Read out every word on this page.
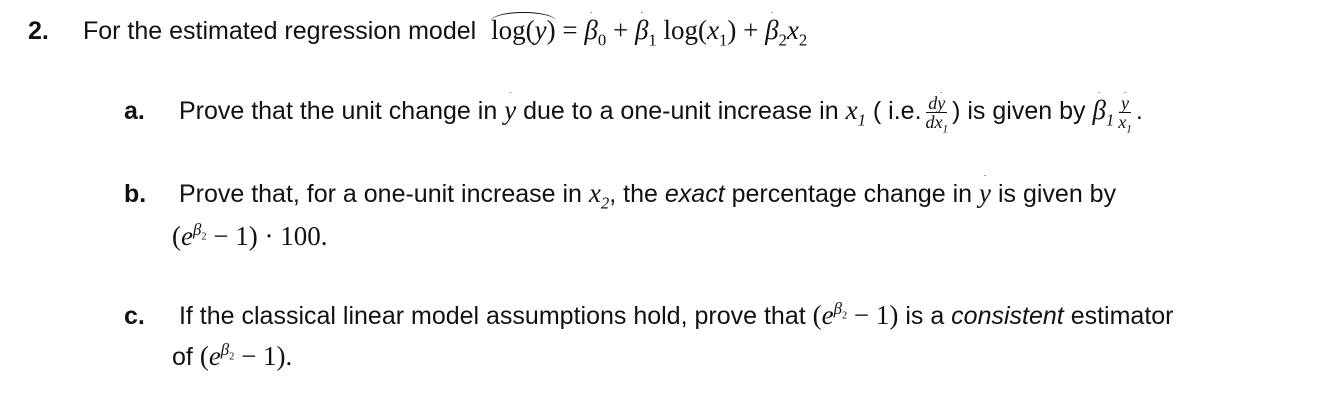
2. For the estimated regression model $\log(y) = \beta_0 + \beta_1$ $\log(x_1) + \beta_2x_2$
a. Prove that the unit change in y due to a one-unit increase in $x_1$ ( i.e. $\frac{dy}{dx_1}$ ) is given by $\beta_1 \frac{y}{x_1}$ .
b. Prove that, for a one-unit increase in $x_2$, the exact percentage change in y is given by
$(e^{\beta_2} - 1) \cdot 100$.
c. If the classical linear model assumptions hold, prove that $(e^{\beta_2} - 1)$ is a consistent estimator
of $(e^{\beta_2} - 1)$.
